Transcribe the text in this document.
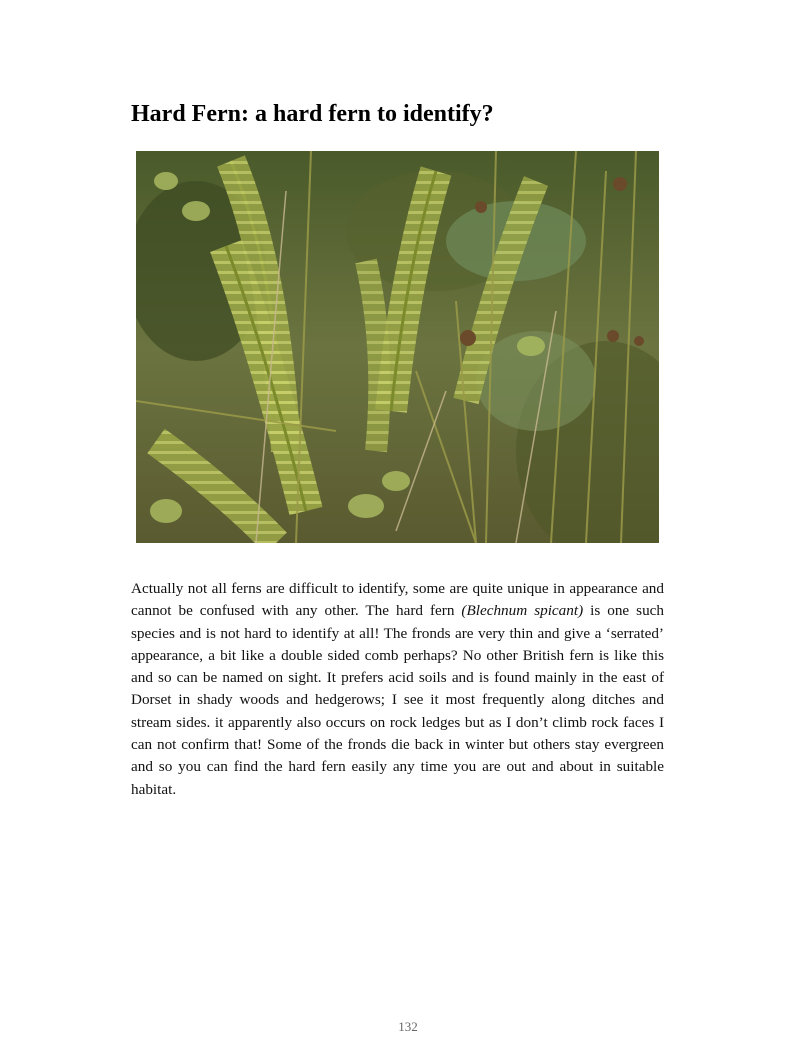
Hard Fern: a hard fern to identify?

Actually not all ferns are difficult to identify, some are quite unique in appearance and cannot be confused with any other. The hard fern (Blechnum spicant) is one such species and is not hard to identify at all! The fronds are very thin and give a ‘serrated’ appearance, a bit like a double sided comb perhaps? No other British fern is like this and so can be named on sight. It prefers acid soils and is found mainly in the east of Dorset in shady woods and hedgerows; I see it most frequently along ditches and stream sides. it apparently also occurs on rock ledges but as I don’t climb rock faces I can not confirm that! Some of the fronds die back in winter but others stay evergreen and so you can find the hard fern easily any time you are out and about in suitable habitat.

132
